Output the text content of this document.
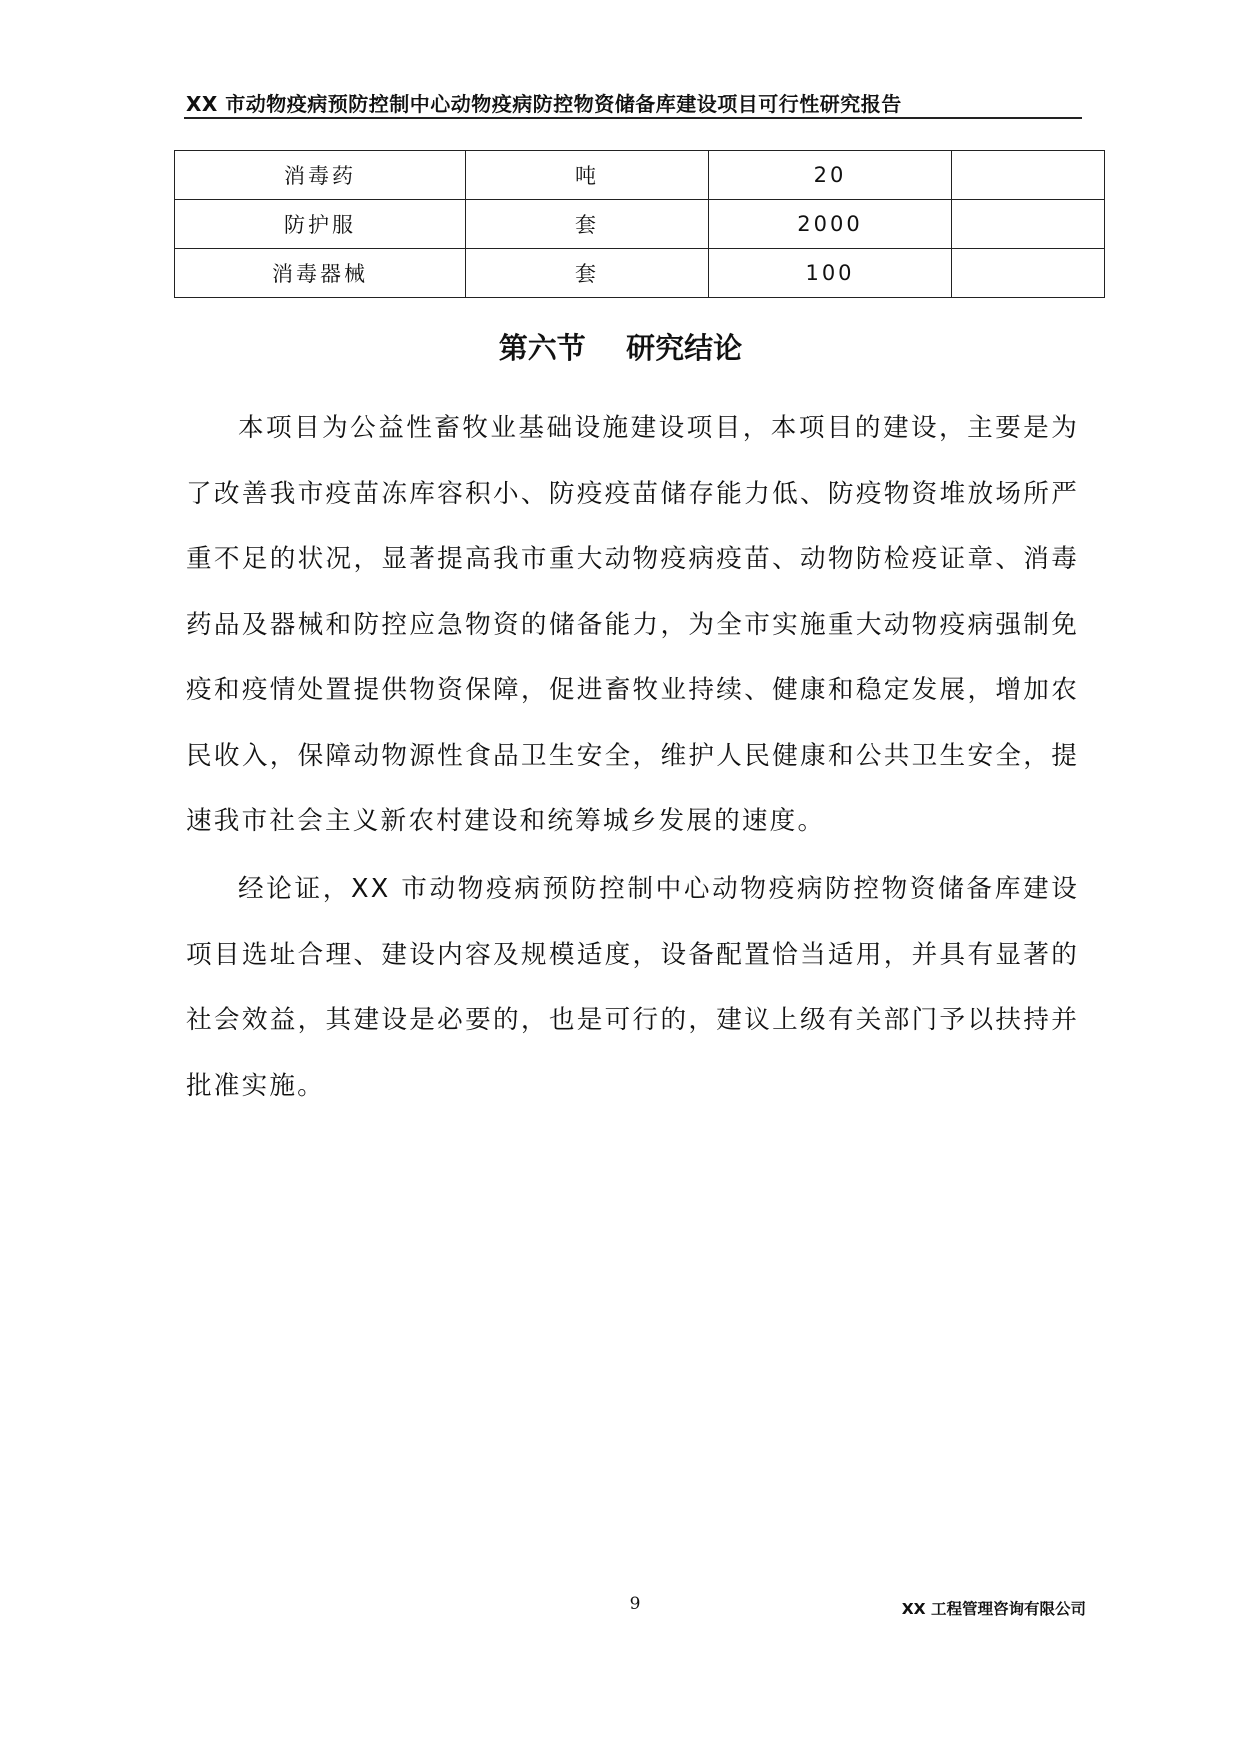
XX 市动物疫病预防控制中心动物疫病防控物资储备库建设项目可行性研究报告
消毒药	吨	20	
防护服	套	2000	
消毒器械	套	100	
第六节    研究结论

本项目为公益性畜牧业基础设施建设项目，本项目的建设，主要是为了改善我市疫苗冻库容积小、防疫疫苗储存能力低、防疫物资堆放场所严重不足的状况，显著提高我市重大动物疫病疫苗、动物防检疫证章、消毒药品及器械和防控应急物资的储备能力，为全市实施重大动物疫病强制免疫和疫情处置提供物资保障，促进畜牧业持续、健康和稳定发展，增加农民收入，保障动物源性食品卫生安全，维护人民健康和公共卫生安全，提速我市社会主义新农村建设和统筹城乡发展的速度。

经论证，XX 市动物疫病预防控制中心动物疫病防控物资储备库建设项目选址合理、建设内容及规模适度，设备配置恰当适用，并具有显著的社会效益，其建设是必要的，也是可行的，建议上级有关部门予以扶持并批准实施。

9	XX 工程管理咨询有限公司
